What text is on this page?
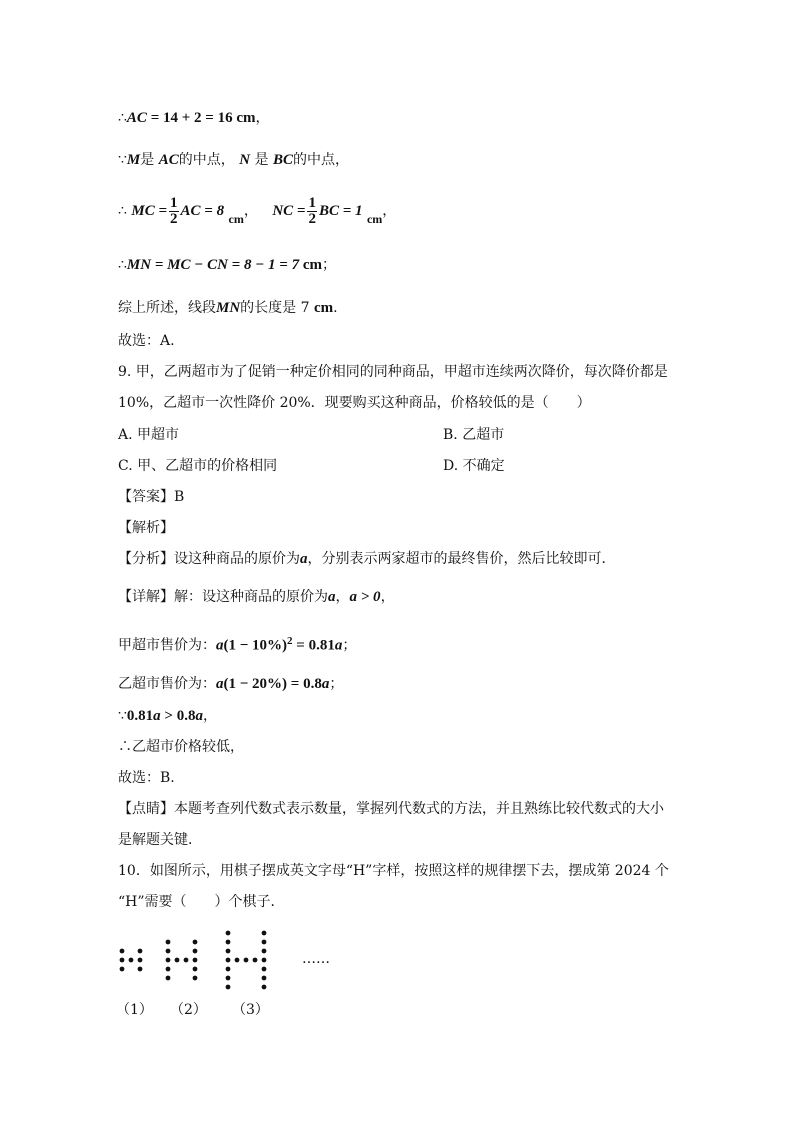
∴AC = 14 + 2 = 16 cm，
∵M是 AC的中点， N 是 BC的中点，
∴ MC = $\frac{1}{2}$ AC = 8 cm， NC = $\frac{1}{2}$ BC = 1 cm，
∴MN = MC − CN = 8 − 1 = 7 cm；
综上所述，线段MN的长度是 7 cm.
故选：A.
9. 甲，乙两超市为了促销一种定价相同的同种商品，甲超市连续两次降价，每次降价都是
10%，乙超市一次性降价 20%．现要购买这种商品，价格较低的是（　　）
A. 甲超市	B. 乙超市
C. 甲、乙超市的价格相同	D. 不确定
【答案】B
【解析】
【分析】设这种商品的原价为a，分别表示两家超市的最终售价，然后比较即可．
【详解】解：设这种商品的原价为a，a > 0，
甲超市售价为：$a(1 - 10\%)^2 = 0.81a$；
乙超市售价为：a(1 − 20%) = 0.8a；
∵0.81a > 0.8a，
∴乙超市价格较低，
故选：B.
【点睛】本题考查列代数式表示数量，掌握列代数式的方法，并且熟练比较代数式的大小
是解题关键．
10．如图所示，用棋子摆成英文字母“H”字样，按照这样的规律摆下去，摆成第 2024 个
“H”需要（　　）个棋子．
……
（1） （2） （3）
